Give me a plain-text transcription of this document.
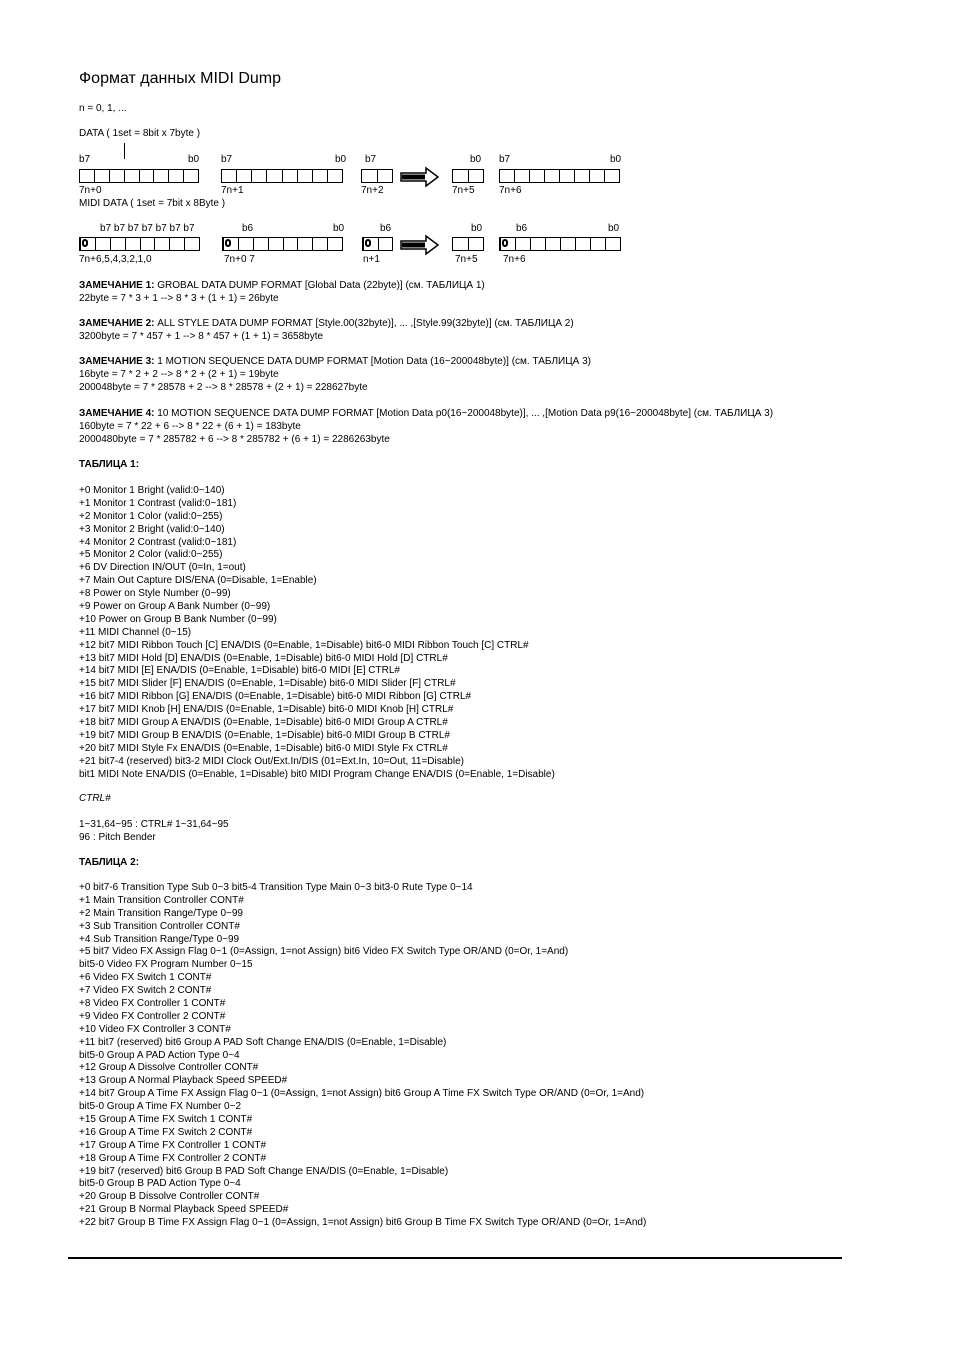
Формат данных MIDI Dump
n = 0, 1, ...
DATA ( 1set = 8bit x 7byte )
b7	b0 b7	b0 b7	b0 b7	b0
7n+0	7n+1	7n+2	7n+5 7n+6
MIDI DATA ( 1set = 7bit x 8Byte )
b7 b7 b7 b7 b7 b7 b7	b6	b0	b6	b0	b6	b0
7n+6,5,4,3,2,1,0	7n+0 7	n+1	7n+5	7n+6
ЗАМЕЧАНИЕ 1: GROBAL DATA DUMP FORMAT [Global Data (22byte)] (см. ТАБЛИЦА 1)
22byte = 7 * 3 + 1 --> 8 * 3 + (1 + 1) = 26byte
ЗАМЕЧАНИЕ 2: ALL STYLE DATA DUMP FORMAT [Style.00(32byte)], ... ,[Style.99(32byte)] (см. ТАБЛИЦА 2)
3200byte = 7 * 457 + 1 --> 8 * 457 + (1 + 1) = 3658byte
ЗАМЕЧАНИЕ 3: 1 MOTION SEQUENCE DATA DUMP FORMAT [Motion Data (16~200048byte)] (см. ТАБЛИЦА 3)
16byte = 7 * 2 + 2 --> 8 * 2 + (2 + 1) = 19byte
200048byte = 7 * 28578 + 2 --> 8 * 28578 + (2 + 1) = 228627byte
ЗАМЕЧАНИЕ 4: 10 MOTION SEQUENCE DATA DUMP FORMAT [Motion Data p0(16~200048byte)], ... ,[Motion Data p9(16~200048byte] (см. ТАБЛИЦА 3)
160byte = 7 * 22 + 6 --> 8 * 22 + (6 + 1) = 183byte
2000480byte = 7 * 285782 + 6 --> 8 * 285782 + (6 + 1) = 2286263byte
ТАБЛИЦА 1:
+0 Monitor 1 Bright (valid:0~140)
+1 Monitor 1 Contrast (valid:0~181)
+2 Monitor 1 Color (valid:0~255)
+3 Monitor 2 Bright (valid:0~140)
+4 Monitor 2 Contrast (valid:0~181)
+5 Monitor 2 Color (valid:0~255)
+6 DV Direction IN/OUT (0=In, 1=out)
+7 Main Out Capture DIS/ENA (0=Disable, 1=Enable)
+8 Power on Style Number (0~99)
+9 Power on Group A Bank Number (0~99)
+10 Power on Group B Bank Number (0~99)
+11 MIDI Channel (0~15)
+12 bit7 MIDI Ribbon Touch [C] ENA/DIS (0=Enable, 1=Disable) bit6-0 MIDI Ribbon Touch [C] CTRL#
+13 bit7 MIDI Hold [D] ENA/DIS (0=Enable, 1=Disable) bit6-0 MIDI Hold [D] CTRL#
+14 bit7 MIDI [E] ENA/DIS (0=Enable, 1=Disable) bit6-0 MIDI [E] CTRL#
+15 bit7 MIDI Slider [F] ENA/DIS (0=Enable, 1=Disable) bit6-0 MIDI Slider [F] CTRL#
+16 bit7 MIDI Ribbon [G] ENA/DIS (0=Enable, 1=Disable) bit6-0 MIDI Ribbon [G] CTRL#
+17 bit7 MIDI Knob [H] ENA/DIS (0=Enable, 1=Disable) bit6-0 MIDI Knob [H] CTRL#
+18 bit7 MIDI Group A ENA/DIS (0=Enable, 1=Disable) bit6-0 MIDI Group A CTRL#
+19 bit7 MIDI Group B ENA/DIS (0=Enable, 1=Disable) bit6-0 MIDI Group B CTRL#
+20 bit7 MIDI Style Fx ENA/DIS (0=Enable, 1=Disable) bit6-0 MIDI Style Fx CTRL#
+21 bit7-4 (reserved) bit3-2 MIDI Clock Out/Ext.In/DIS (01=Ext.In, 10=Out, 11=Disable)
bit1 MIDI Note ENA/DIS (0=Enable, 1=Disable) bit0 MIDI Program Change ENA/DIS (0=Enable, 1=Disable)
CTRL#
1~31,64~95 : CTRL# 1~31,64~95
96 : Pitch Bender
ТАБЛИЦА 2:
+0 bit7-6 Transition Type Sub 0~3 bit5-4 Transition Type Main 0~3 bit3-0 Rute Type 0~14
+1 Main Transition Controller CONT#
+2 Main Transition Range/Type 0~99
+3 Sub Transition Controller CONT#
+4 Sub Transition Range/Type 0~99
+5 bit7 Video FX Assign Flag 0~1 (0=Assign, 1=not Assign) bit6 Video FX Switch Type OR/AND (0=Or, 1=And)
bit5-0 Video FX Program Number 0~15
+6 Video FX Switch 1 CONT#
+7 Video FX Switch 2 CONT#
+8 Video FX Controller 1 CONT#
+9 Video FX Controller 2 CONT#
+10 Video FX Controller 3 CONT#
+11 bit7 (reserved) bit6 Group A PAD Soft Change ENA/DIS (0=Enable, 1=Disable)
bit5-0 Group A PAD Action Type 0~4
+12 Group A Dissolve Controller CONT#
+13 Group A Normal Playback Speed SPEED#
+14 bit7 Group A Time FX Assign Flag 0~1 (0=Assign, 1=not Assign) bit6 Group A Time FX Switch Type OR/AND (0=Or, 1=And)
bit5-0 Group A Time FX Number 0~2
+15 Group A Time FX Switch 1 CONT#
+16 Group A Time FX Switch 2 CONT#
+17 Group A Time FX Controller 1 CONT#
+18 Group A Time FX Controller 2 CONT#
+19 bit7 (reserved) bit6 Group B PAD Soft Change ENA/DIS (0=Enable, 1=Disable)
bit5-0 Group B PAD Action Type 0~4
+20 Group B Dissolve Controller CONT#
+21 Group B Normal Playback Speed SPEED#
+22 bit7 Group B Time FX Assign Flag 0~1 (0=Assign, 1=not Assign) bit6 Group B Time FX Switch Type OR/AND (0=Or, 1=And)
